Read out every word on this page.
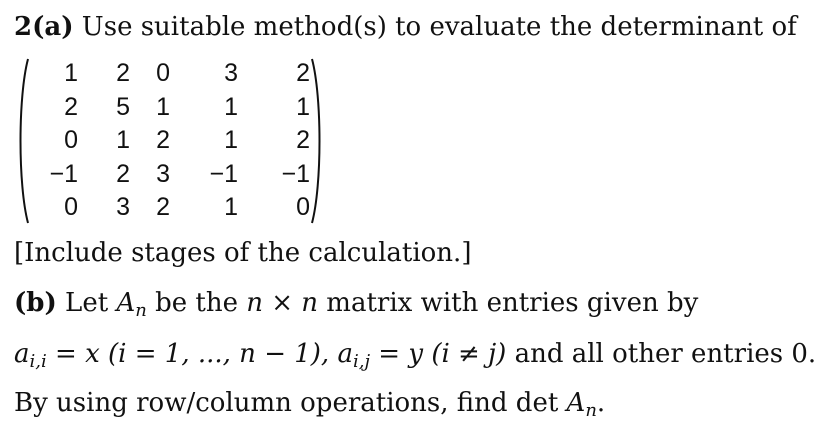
2(a) Use suitable method(s) to evaluate the determinant of
1	2	0	3	2
2	5	1	1	1
0	1	2	1	2
−1	2	3	−1	−1
0	3	2	1	0
[Include stages of the calculation.]
(b) Let $A_n$ be the n × n matrix with entries given by
$a_{i,i} = x$ (i = 1, ..., n − 1), $a_{i,j} = y$ (i ≠ j) and all other entries 0.
By using row/column operations, find $\det A_n$.
